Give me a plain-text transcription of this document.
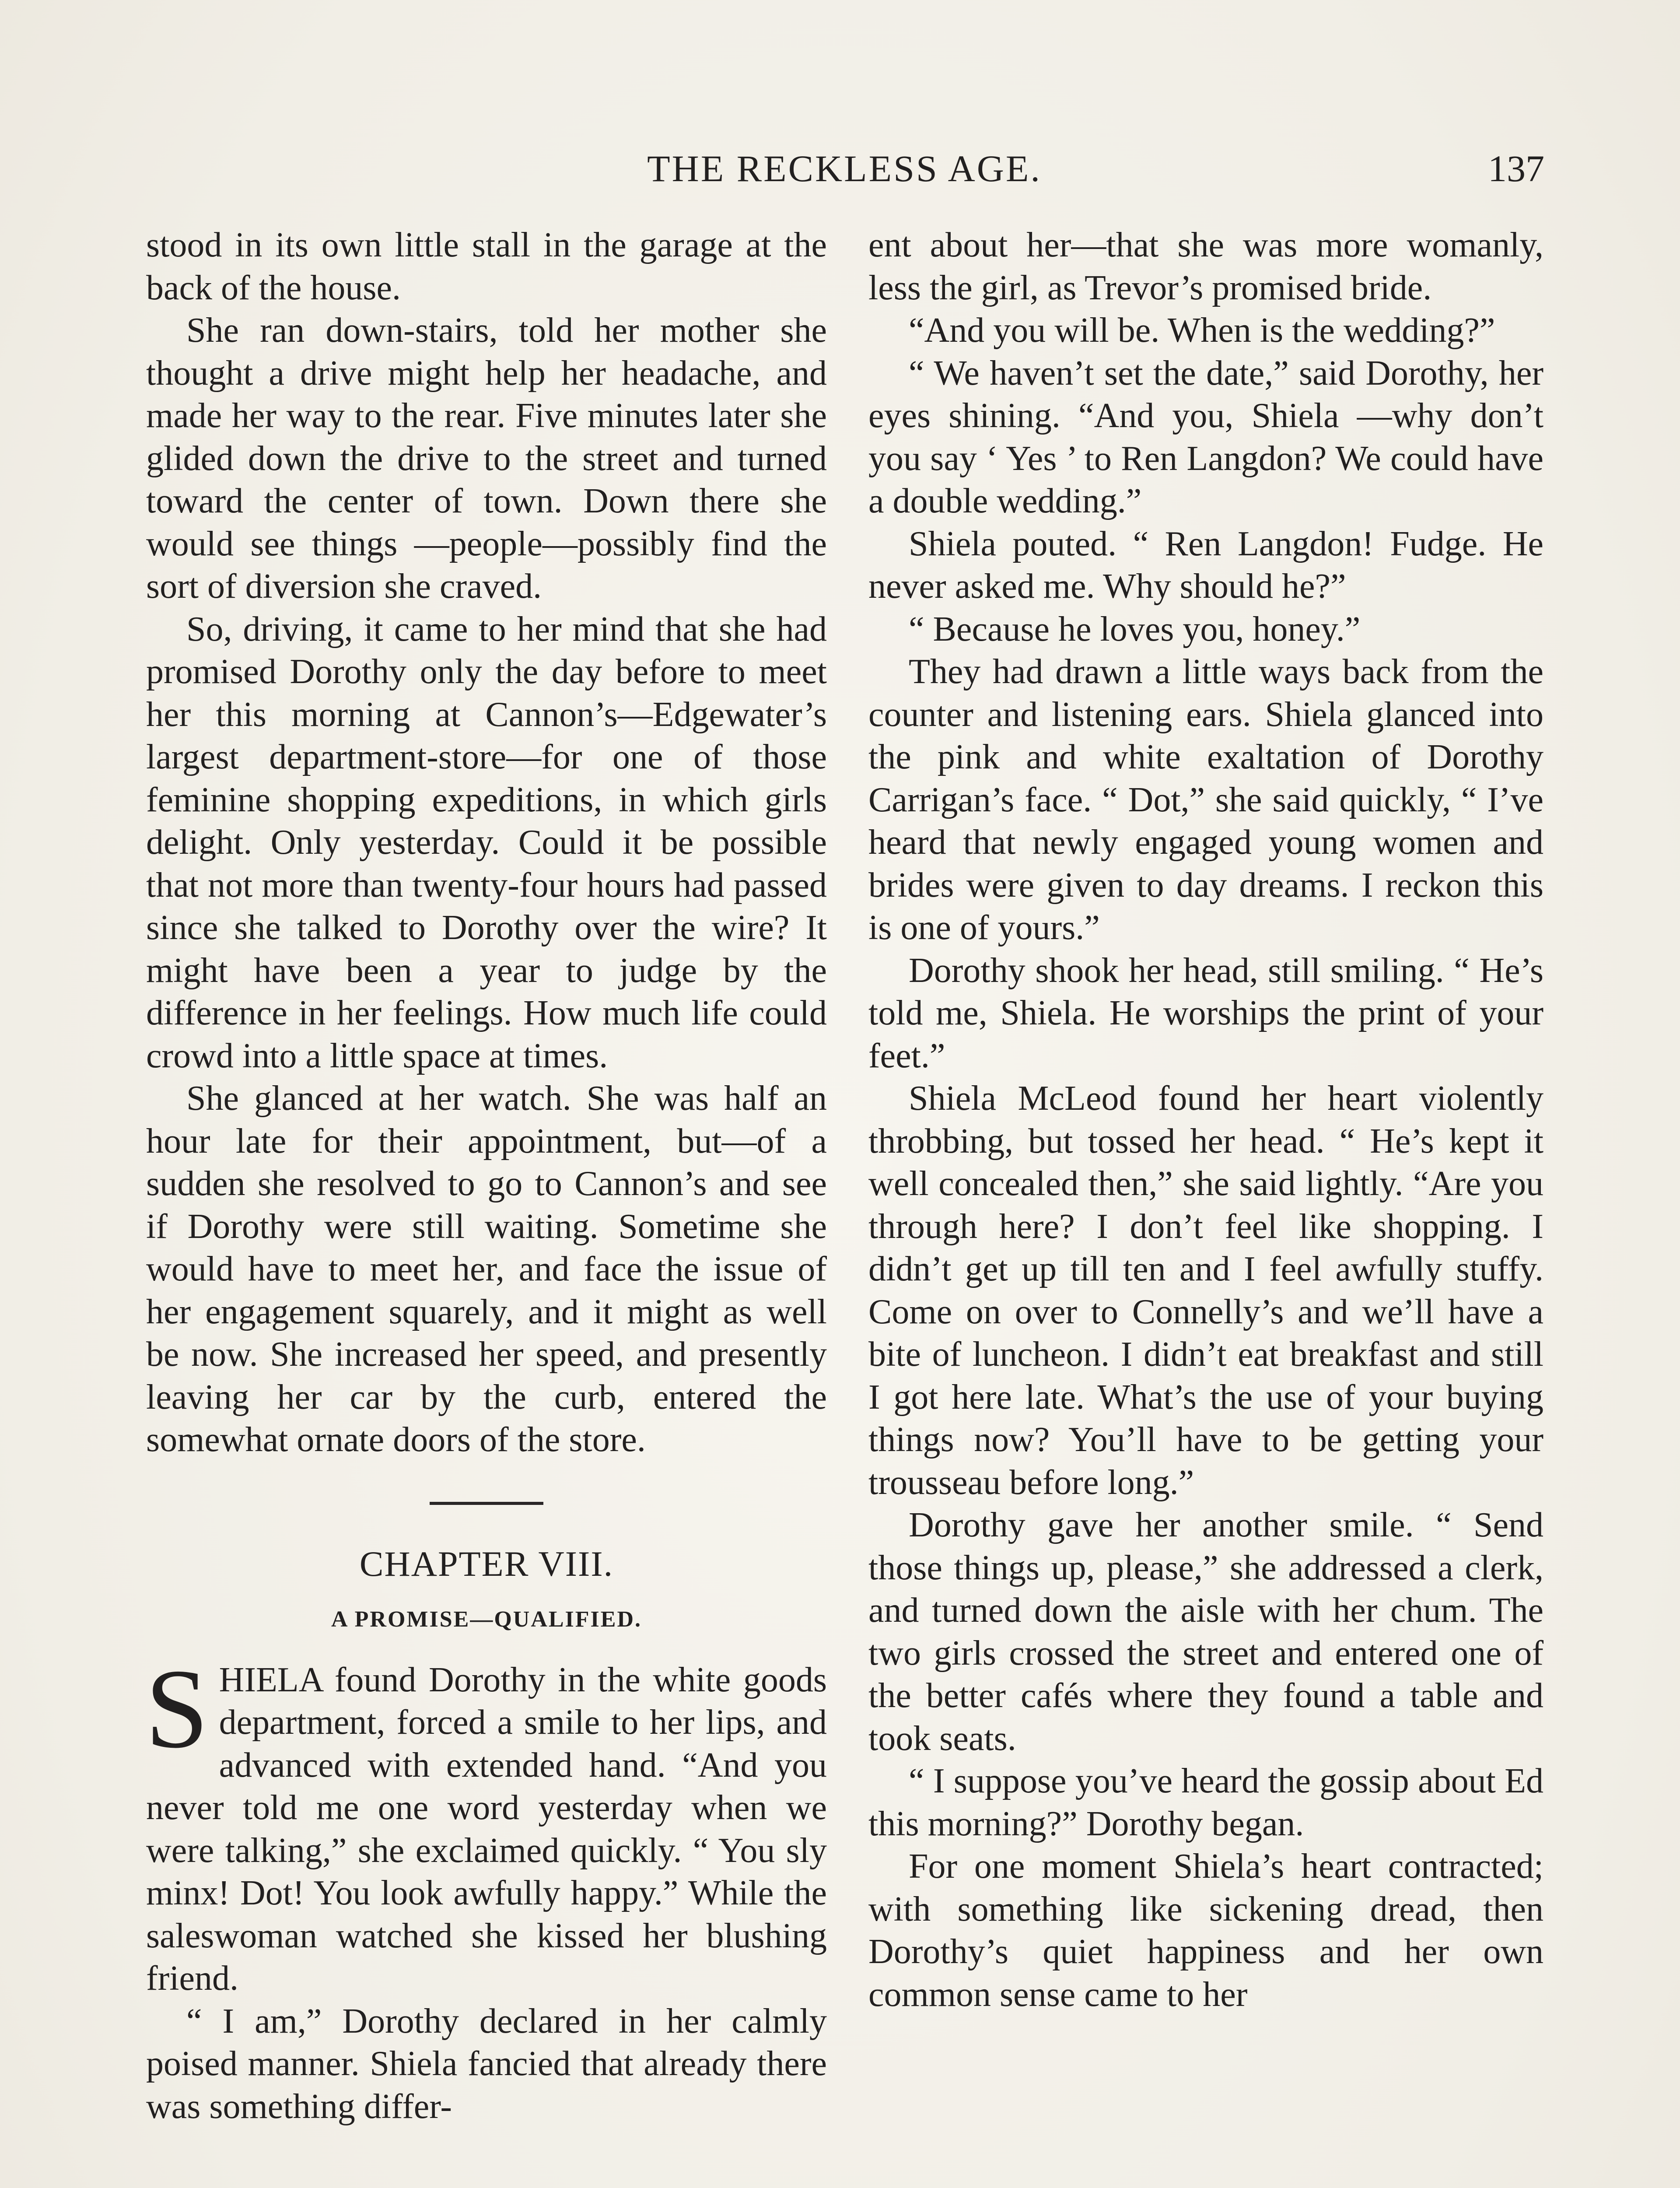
THE RECKLESS AGE.	137

stood in its own little stall in the garage at the back of the house.

She ran down-stairs, told her mother she thought a drive might help her headache, and made her way to the rear. Five minutes later she glided down the drive to the street and turned toward the center of town. Down there she would see things —people—possibly find the sort of diversion she craved.

So, driving, it came to her mind that she had promised Dorothy only the day before to meet her this morning at Cannon’s—Edgewater’s largest department-store—for one of those feminine shopping expeditions, in which girls delight. Only yesterday. Could it be possible that not more than twenty-four hours had passed since she talked to Dorothy over the wire? It might have been a year to judge by the difference in her feelings. How much life could crowd into a little space at times.

She glanced at her watch. She was half an hour late for their appointment, but—of a sudden she resolved to go to Cannon’s and see if Dorothy were still waiting. Sometime she would have to meet her, and face the issue of her engagement squarely, and it might as well be now. She increased her speed, and presently leaving her car by the curb, entered the somewhat ornate doors of the store.

CHAPTER VIII.
A PROMISE—QUALIFIED.

SHIELA found Dorothy in the white goods department, forced a smile to her lips, and advanced with extended hand. “And you never told me one word yesterday when we were talking,” she exclaimed quickly. “ You sly minx! Dot! You look awfully happy.” While the saleswoman watched she kissed her blushing friend.

“ I am,” Dorothy declared in her calmly poised manner. Shiela fancied that already there was something differ-

ent about her—that she was more womanly, less the girl, as Trevor’s promised bride.

“And you will be. When is the wedding?”

“ We haven’t set the date,” said Dorothy, her eyes shining. “And you, Shiela —why don’t you say ‘ Yes ’ to Ren Langdon? We could have a double wedding.”

Shiela pouted. “ Ren Langdon! Fudge. He never asked me. Why should he?”

“ Because he loves you, honey.”

They had drawn a little ways back from the counter and listening ears. Shiela glanced into the pink and white exaltation of Dorothy Carrigan’s face. “ Dot,” she said quickly, “ I’ve heard that newly engaged young women and brides were given to day dreams. I reckon this is one of yours.”

Dorothy shook her head, still smiling. “ He’s told me, Shiela. He worships the print of your feet.”

Shiela McLeod found her heart violently throbbing, but tossed her head. “ He’s kept it well concealed then,” she said lightly. “Are you through here? I don’t feel like shopping. I didn’t get up till ten and I feel awfully stuffy. Come on over to Connelly’s and we’ll have a bite of luncheon. I didn’t eat breakfast and still I got here late. What’s the use of your buying things now? You’ll have to be getting your trousseau before long.”

Dorothy gave her another smile. “ Send those things up, please,” she addressed a clerk, and turned down the aisle with her chum. The two girls crossed the street and entered one of the better cafés where they found a table and took seats.

“ I suppose you’ve heard the gossip about Ed this morning?” Dorothy began.

For one moment Shiela’s heart contracted; with something like sickening dread, then Dorothy’s quiet happiness and her own common sense came to her
